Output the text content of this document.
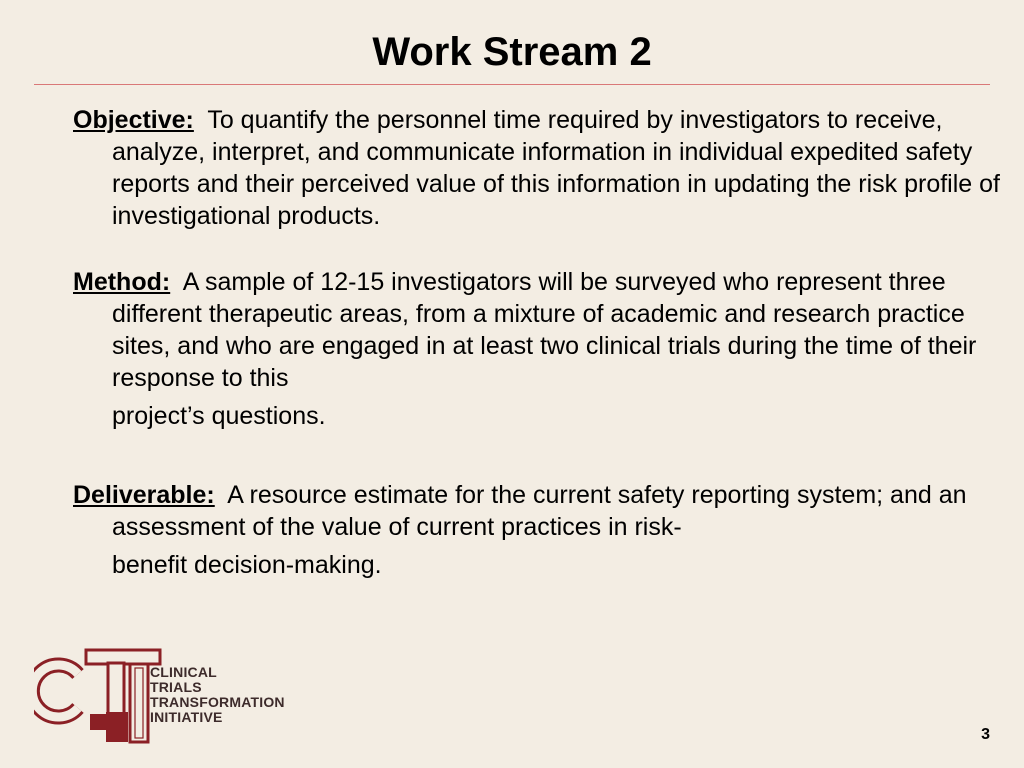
Work Stream 2

Objective: To quantify the personnel time required by investigators to receive, analyze, interpret, and communicate information in individual expedited safety reports and their perceived value of this information in updating the risk profile of investigational products.

Method: A sample of 12-15 investigators will be surveyed who represent three different therapeutic areas, from a mixture of academic and research practice sites, and who are engaged in at least two clinical trials during the time of their response to this
project’s questions.

Deliverable: A resource estimate for the current safety reporting system; and an assessment of the value of current practices in risk-
benefit decision-making.

CLINICAL
TRIALS
TRANSFORMATION
INITIATIVE
3
